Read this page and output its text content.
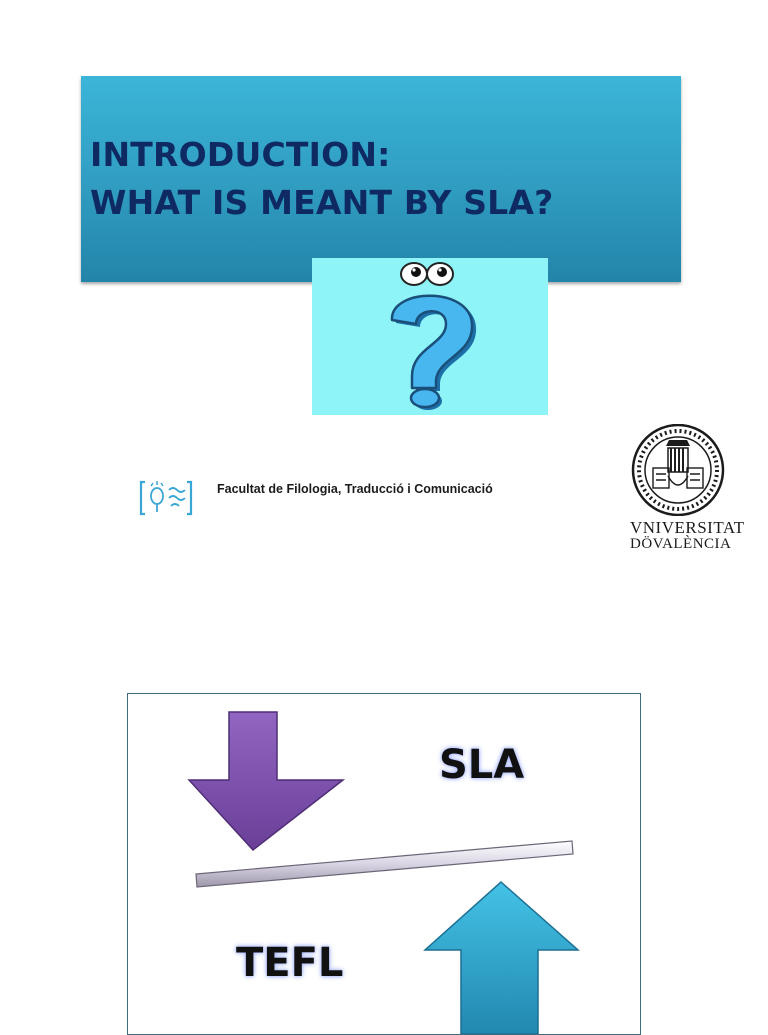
INTRODUCTION:
WHAT IS MEANT BY SLA?
Facultat de Filologia, Traducció i Comunicació
VNIVERSITAT
DÖVALÈNCIA
SLA
TEFL
